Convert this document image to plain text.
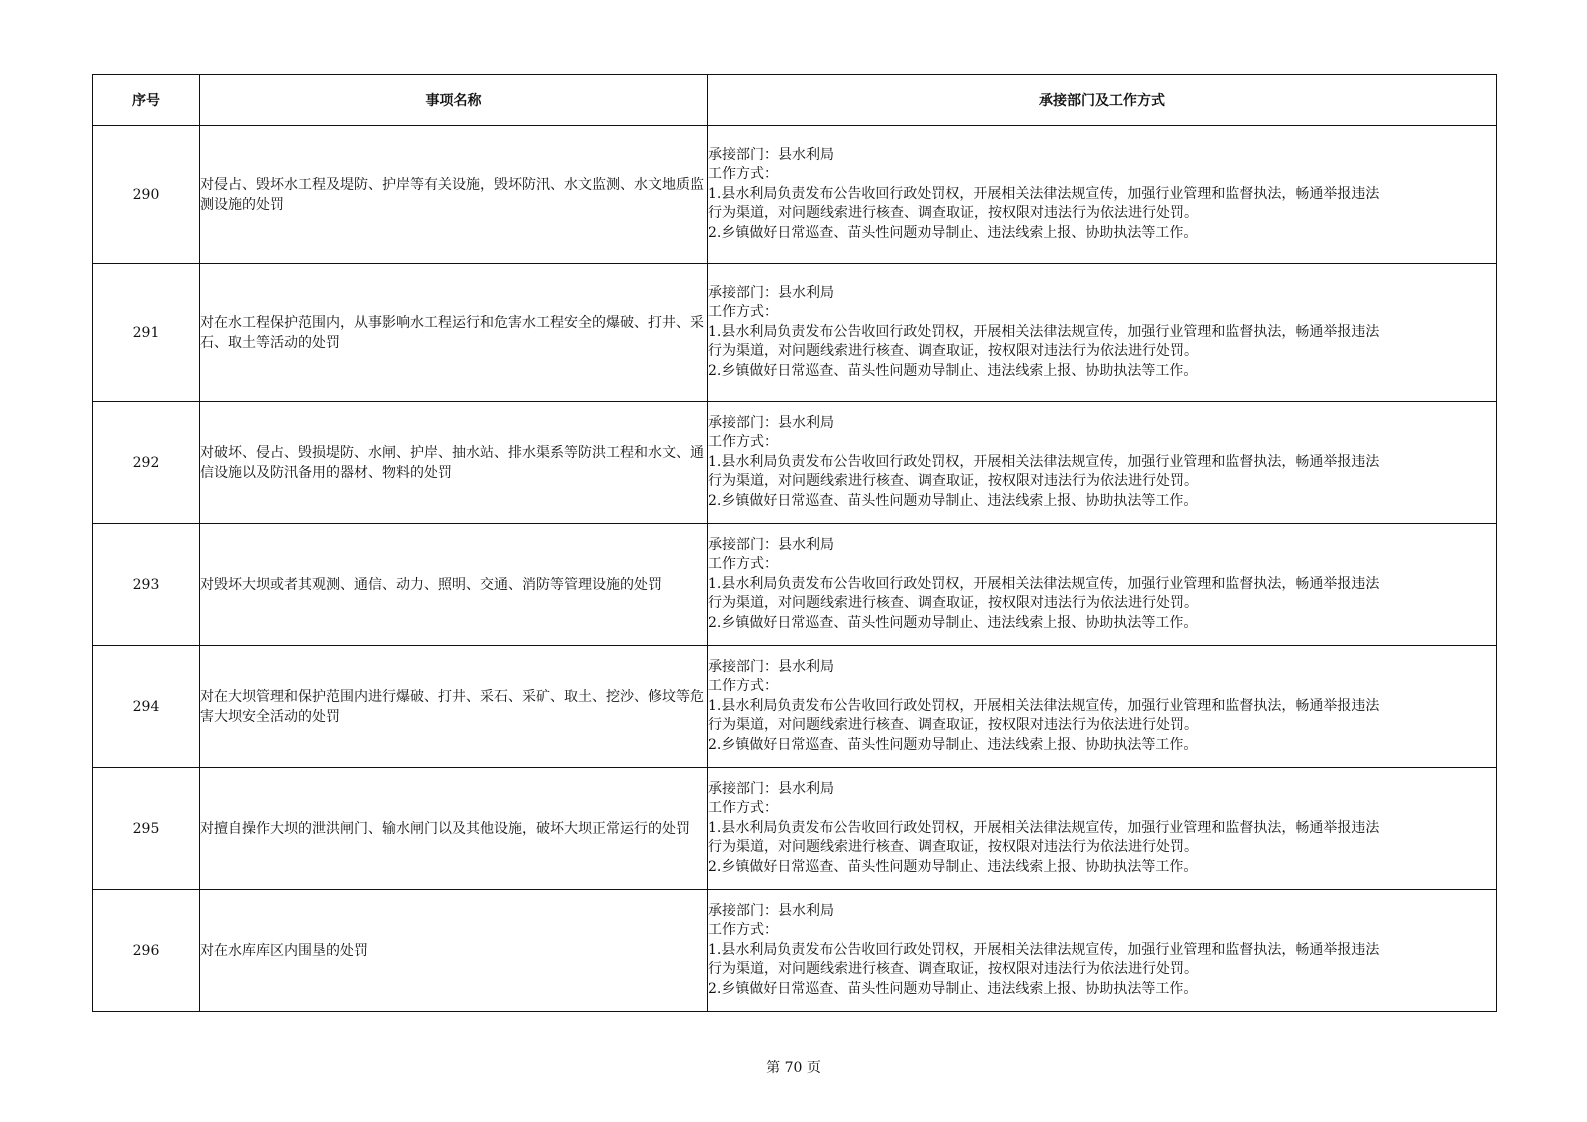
序号	事项名称	承接部门及工作方式
290	对侵占、毁坏水工程及堤防、护岸等有关设施，毁坏防汛、水文监测、水文地质监测设施的处罚	承接部门：县水利局
工作方式：
1.县水利局负责发布公告收回行政处罚权，开展相关法律法规宣传，加强行业管理和监督执法，畅通举报违法
行为渠道，对问题线索进行核查、调查取证，按权限对违法行为依法进行处罚。
2.乡镇做好日常巡查、苗头性问题劝导制止、违法线索上报、协助执法等工作。

291	对在水工程保护范围内，从事影响水工程运行和危害水工程安全的爆破、打井、采石、取土等活动的处罚	承接部门：县水利局
工作方式：
1.县水利局负责发布公告收回行政处罚权，开展相关法律法规宣传，加强行业管理和监督执法，畅通举报违法
行为渠道，对问题线索进行核查、调查取证，按权限对违法行为依法进行处罚。
2.乡镇做好日常巡查、苗头性问题劝导制止、违法线索上报、协助执法等工作。

292	对破坏、侵占、毁损堤防、水闸、护岸、抽水站、排水渠系等防洪工程和水文、通信设施以及防汛备用的器材、物料的处罚	承接部门：县水利局
工作方式：
1.县水利局负责发布公告收回行政处罚权，开展相关法律法规宣传，加强行业管理和监督执法，畅通举报违法
行为渠道，对问题线索进行核查、调查取证，按权限对违法行为依法进行处罚。
2.乡镇做好日常巡查、苗头性问题劝导制止、违法线索上报、协助执法等工作。

293	对毁坏大坝或者其观测、通信、动力、照明、交通、消防等管理设施的处罚	承接部门：县水利局
工作方式：
1.县水利局负责发布公告收回行政处罚权，开展相关法律法规宣传，加强行业管理和监督执法，畅通举报违法
行为渠道，对问题线索进行核查、调查取证，按权限对违法行为依法进行处罚。
2.乡镇做好日常巡查、苗头性问题劝导制止、违法线索上报、协助执法等工作。

294	对在大坝管理和保护范围内进行爆破、打井、采石、采矿、取土、挖沙、修坟等危害大坝安全活动的处罚	承接部门：县水利局
工作方式：
1.县水利局负责发布公告收回行政处罚权，开展相关法律法规宣传，加强行业管理和监督执法，畅通举报违法
行为渠道，对问题线索进行核查、调查取证，按权限对违法行为依法进行处罚。
2.乡镇做好日常巡查、苗头性问题劝导制止、违法线索上报、协助执法等工作。

295	对擅自操作大坝的泄洪闸门、输水闸门以及其他设施，破坏大坝正常运行的处罚	承接部门：县水利局
工作方式：
1.县水利局负责发布公告收回行政处罚权，开展相关法律法规宣传，加强行业管理和监督执法，畅通举报违法
行为渠道，对问题线索进行核查、调查取证，按权限对违法行为依法进行处罚。
2.乡镇做好日常巡查、苗头性问题劝导制止、违法线索上报、协助执法等工作。

296	对在水库库区内围垦的处罚	承接部门：县水利局
工作方式：
1.县水利局负责发布公告收回行政处罚权，开展相关法律法规宣传，加强行业管理和监督执法，畅通举报违法
行为渠道，对问题线索进行核查、调查取证，按权限对违法行为依法进行处罚。
2.乡镇做好日常巡查、苗头性问题劝导制止、违法线索上报、协助执法等工作。
第 70 页
